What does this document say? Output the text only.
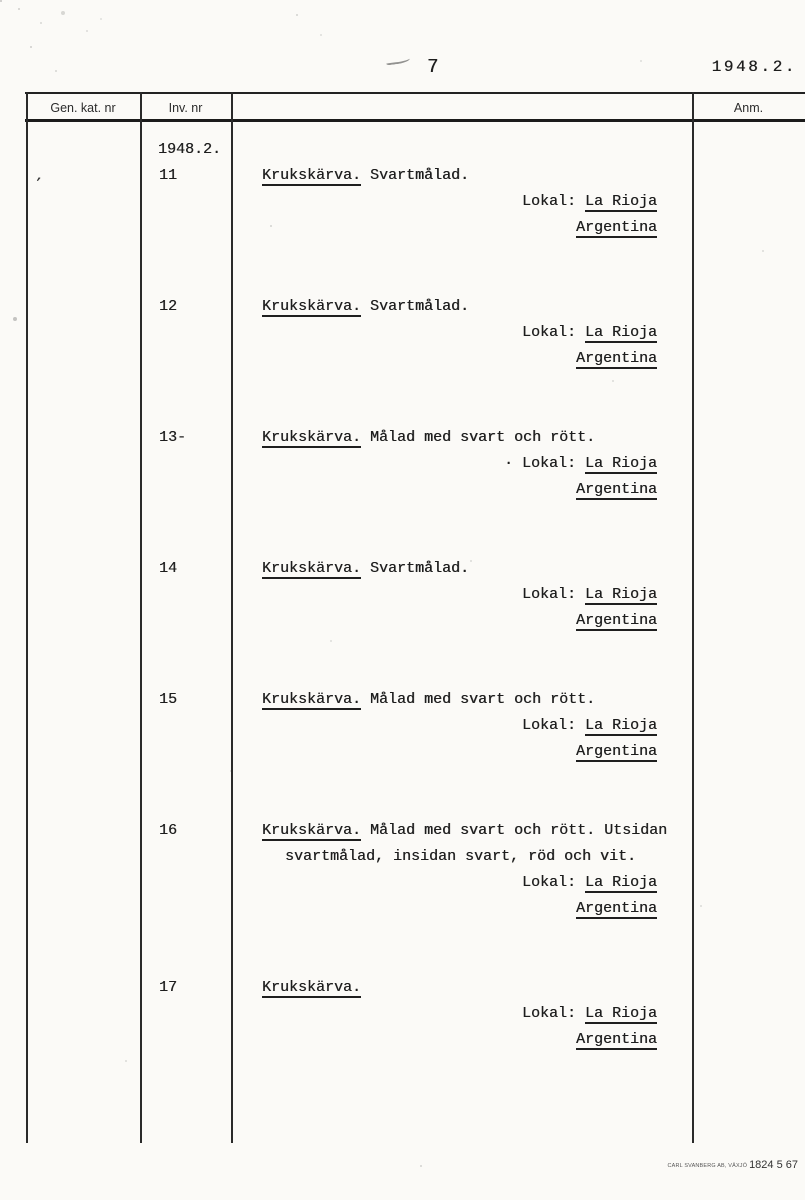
’
7	1948.2.
Gen. kat. nr	Inv. nr	Anm.
1948.2.
11	Krukskärva. Svartmålad.
Lokal: La Rioja
Argentina
12	Krukskärva. Svartmålad.
Lokal: La Rioja
Argentina
13-	Krukskärva. Målad med svart och rött.
· Lokal: La Rioja
Argentina
14	Krukskärva. Svartmålad.
Lokal: La Rioja
Argentina
15	Krukskärva. Målad med svart och rött.
Lokal: La Rioja
Argentina
16	Krukskärva. Målad med svart och rött. Utsidan
svartmålad, insidan svart, röd och vit.
Lokal: La Rioja
Argentina
17	Krukskärva.
Lokal: La Rioja
Argentina
CARL SVANBERG AB, VÄXJÖ 1824 5 67
